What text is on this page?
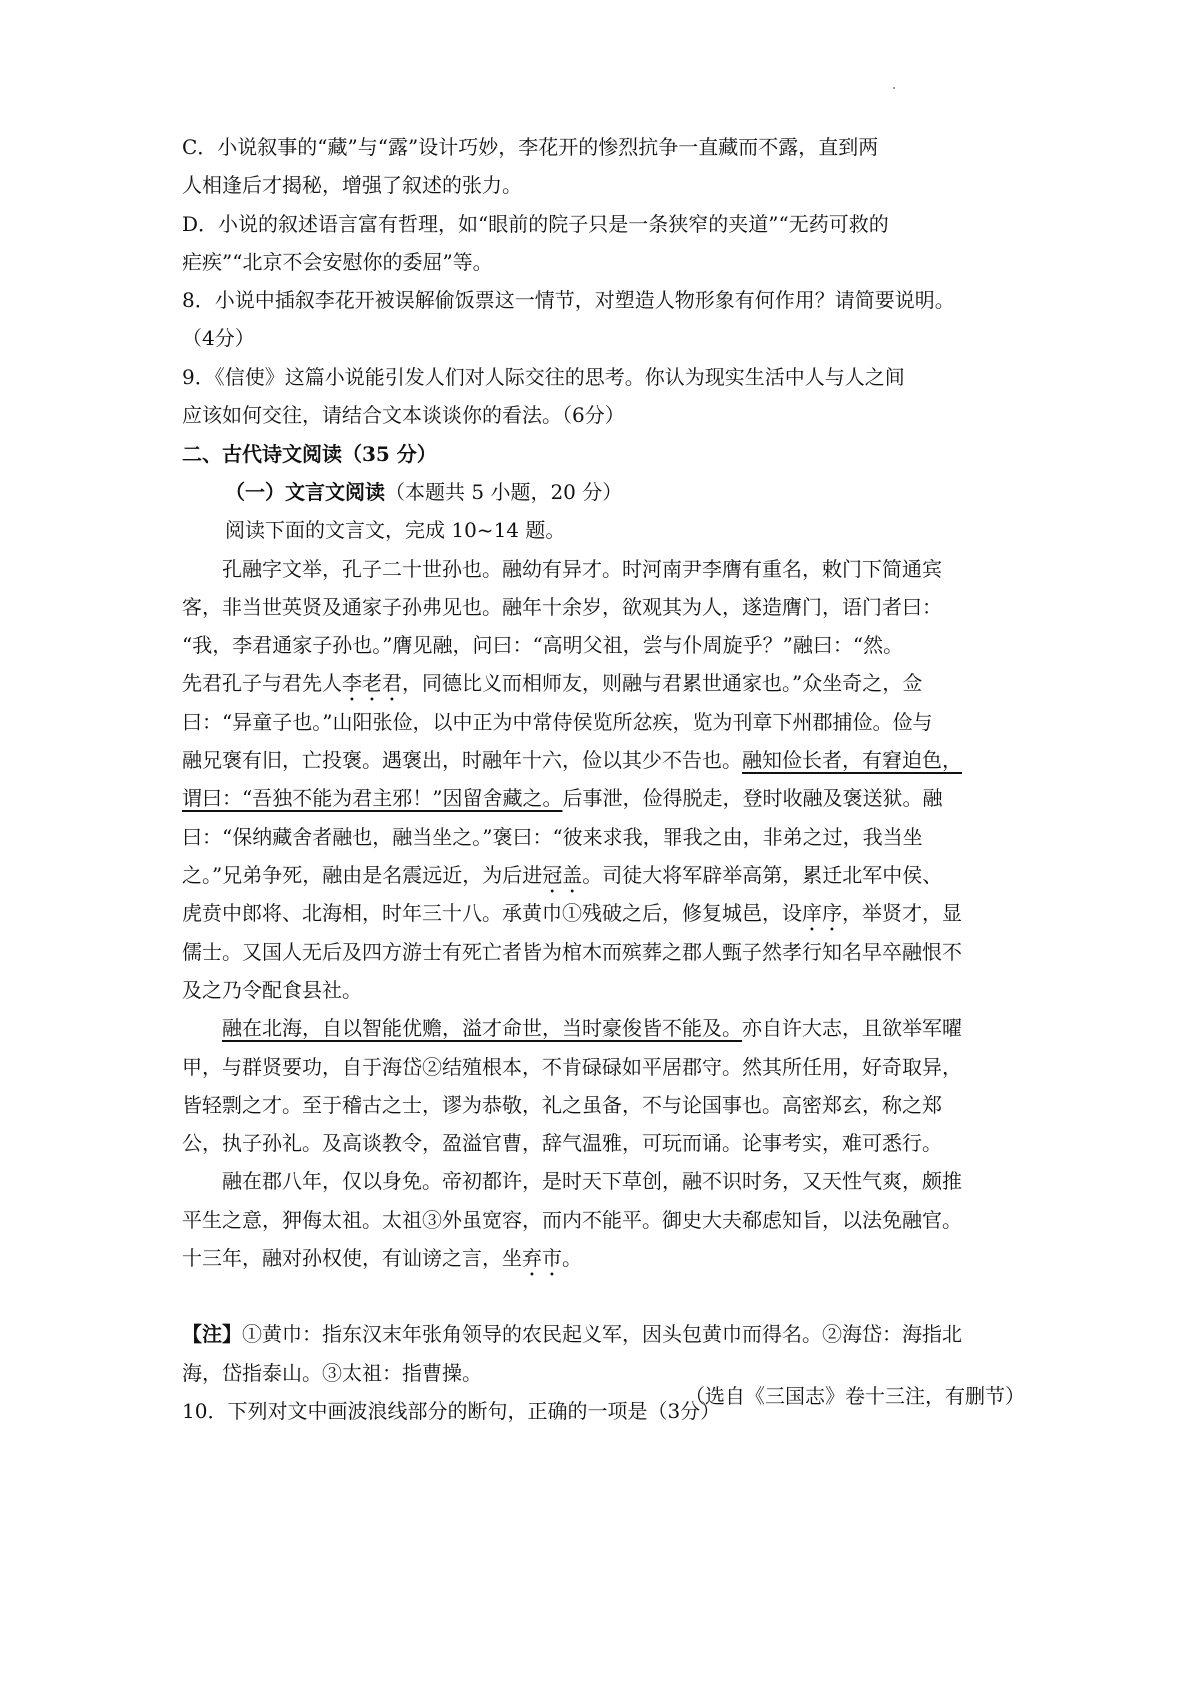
C．小说叙事的“藏”与“露”设计巧妙，李花开的惨烈抗争一直藏而不露，直到两

人相逢后才揭秘，增强了叙述的张力。

D．小说的叙述语言富有哲理，如“眼前的院子只是一条狭窄的夹道”“无药可救的

疟疾”“北京不会安慰你的委屈”等。

8．小说中插叙李花开被误解偷饭票这一情节，对塑造人物形象有何作用？请简要说明。

（4分）

9．《信使》这篇小说能引发人们对人际交往的思考。你认为现实生活中人与人之间

应该如何交往，请结合文本谈谈你的看法。（6分）

二、古代诗文阅读（35 分）

（一）文言文阅读（本题共 5 小题，20 分）

阅读下面的文言文，完成 10~14 题。

孔融字文举，孔子二十世孙也。融幼有异才。时河南尹李膺有重名，敕门下简通宾

客，非当世英贤及通家子孙弗见也。融年十余岁，欲观其为人，遂造膺门，语门者曰：

“我，李君通家子孙也。”膺见融，问曰：“高明父祖，尝与仆周旋乎？”融曰：“然。

先君孔子与君先人李老君，同德比义而相师友，则融与君累世通家也。”众坐奇之，佥

曰：“异童子也。”山阳张俭，以中正为中常侍侯览所忿疾，览为刊章下州郡捕俭。俭与

融兄褒有旧，亡投褒。遇褒出，时融年十六，俭以其少不告也。融知俭长者，有窘迫色，

谓曰：“吾独不能为君主邪！”因留舍藏之。后事泄，俭得脱走，登时收融及褒送狱。融

曰：“保纳藏舍者融也，融当坐之。”褒曰：“彼来求我，罪我之由，非弟之过，我当坐

之。”兄弟争死，融由是名震远近，为后进冠盖。司徒大将军辟举高第，累迁北军中侯、

虎贲中郎将、北海相，时年三十八。承黄巾①残破之后，修复城邑，设庠序，举贤才，显

儒士。又国人无后及四方游士有死亡者皆为棺木而殡葬之郡人甄子然孝行知名早卒融恨不

及之乃令配食县社。

融在北海，自以智能优赡，溢才命世，当时豪俊皆不能及。亦自许大志，且欲举军曜

甲，与群贤要功，自于海岱②结殖根本，不肯碌碌如平居郡守。然其所任用，好奇取异，

皆轻剽之才。至于稽古之士，谬为恭敬，礼之虽备，不与论国事也。高密郑玄，称之郑

公，执子孙礼。及高谈教令，盈溢官曹，辞气温雅，可玩而诵。论事考实，难可悉行。

融在郡八年，仅以身免。帝初都许，是时天下草创，融不识时务，又天性气爽，颇推

平生之意，狎侮太祖。太祖③外虽宽容，而内不能平。御史大夫郗虑知旨，以法免融官。

十三年，融对孙权使，有讪谤之言，坐弃市。

（选自《三国志》卷十三注，有删节）

【注】①黄巾：指东汉末年张角领导的农民起义军，因头包黄巾而得名。②海岱：海指北

海，岱指泰山。③太祖：指曹操。

10．下列对文中画波浪线部分的断句，正确的一项是（3分）
